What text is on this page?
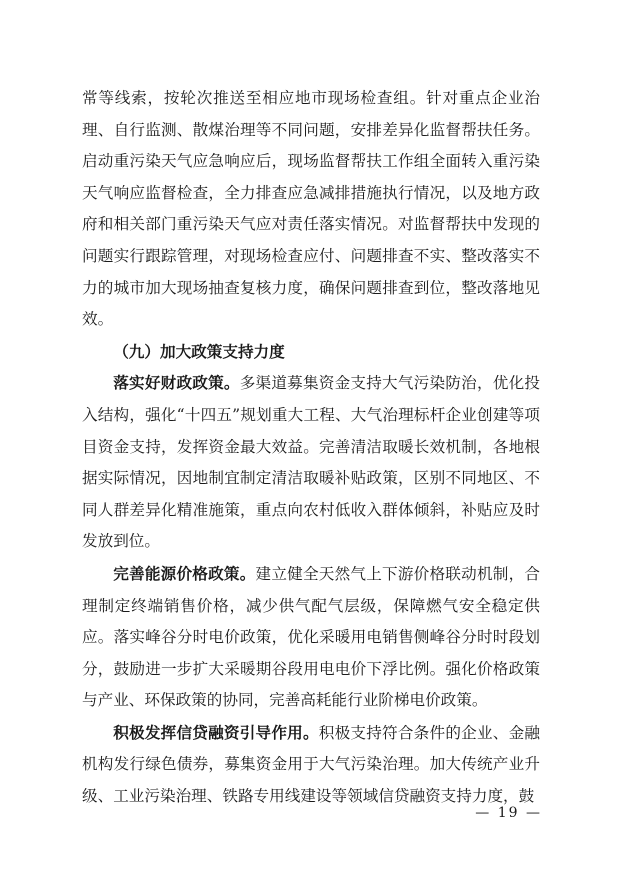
常等线索，按轮次推送至相应地市现场检查组。针对重点企业治理、自行监测、散煤治理等不同问题，安排差异化监督帮扶任务。启动重污染天气应急响应后，现场监督帮扶工作组全面转入重污染天气响应监督检查，全力排查应急减排措施执行情况，以及地方政府和相关部门重污染天气应对责任落实情况。对监督帮扶中发现的问题实行跟踪管理，对现场检查应付、问题排查不实、整改落实不力的城市加大现场抽查复核力度，确保问题排查到位，整改落地见效。

（九）加大政策支持力度

落实好财政政策。多渠道募集资金支持大气污染防治，优化投入结构，强化“十四五”规划重大工程、大气治理标杆企业创建等项目资金支持，发挥资金最大效益。完善清洁取暖长效机制，各地根据实际情况，因地制宜制定清洁取暖补贴政策，区别不同地区、不同人群差异化精准施策，重点向农村低收入群体倾斜，补贴应及时发放到位。

完善能源价格政策。建立健全天然气上下游价格联动机制，合理制定终端销售价格，减少供气配气层级，保障燃气安全稳定供应。落实峰谷分时电价政策，优化采暖用电销售侧峰谷分时时段划分，鼓励进一步扩大采暖期谷段用电电价下浮比例。强化价格政策与产业、环保政策的协同，完善高耗能行业阶梯电价政策。

积极发挥信贷融资引导作用。积极支持符合条件的企业、金融机构发行绿色债券，募集资金用于大气污染治理。加大传统产业升级、工业污染治理、铁路专用线建设等领域信贷融资支持力度，鼓

— 19 —
